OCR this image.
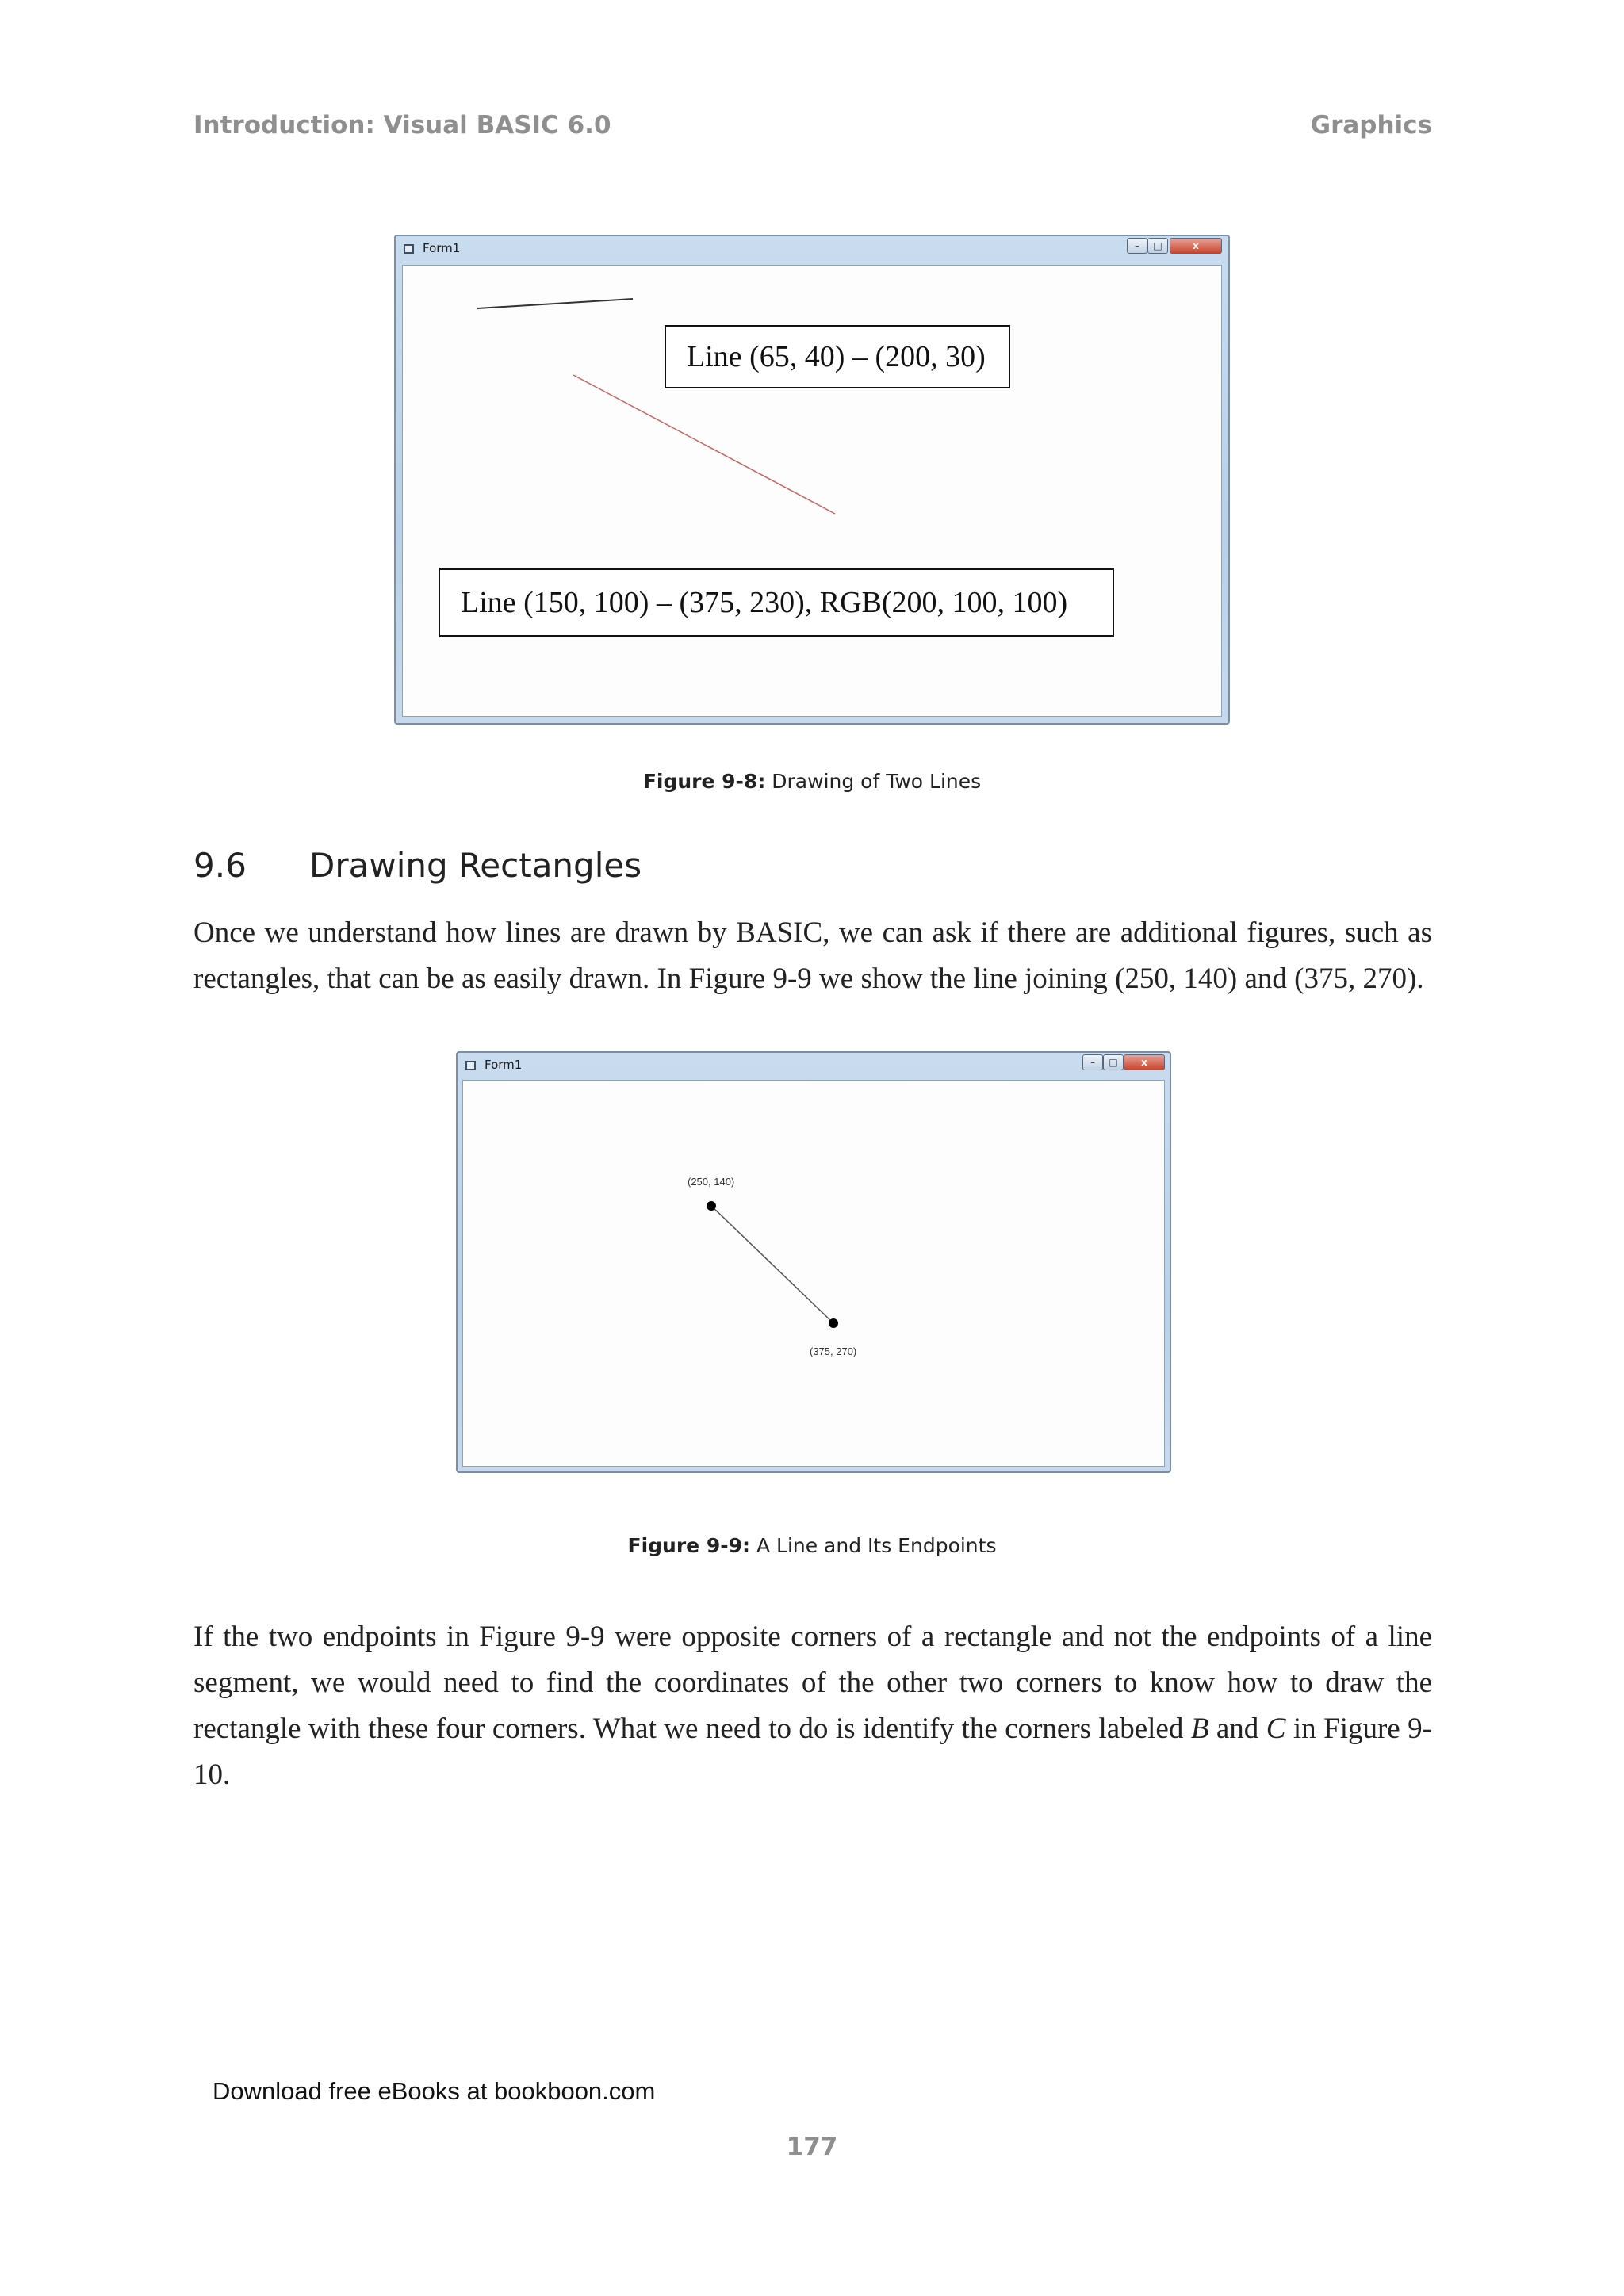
Introduction: Visual BASIC 6.0	Graphics
Form1	–	□	x
Line (65, 40) – (200, 30)
Line (150, 100) – (375, 230), RGB(200, 100, 100)
Figure 9-8: Drawing of Two Lines
9.6 Drawing Rectangles

Once we understand how lines are drawn by BASIC, we can ask if there are additional figures, such as rectangles, that can be as easily drawn. In Figure 9-9 we show the line joining (250, 140) and (375, 270).

Form1	–	□	x
(250, 140)
(375, 270)
Figure 9-9: A Line and Its Endpoints

If the two endpoints in Figure 9-9 were opposite corners of a rectangle and not the endpoints of a line segment, we would need to find the coordinates of the other two corners to know how to draw the rectangle with these four corners. What we need to do is identify the corners labeled B and C in Figure 9-10.

Download free eBooks at bookboon.com
177
